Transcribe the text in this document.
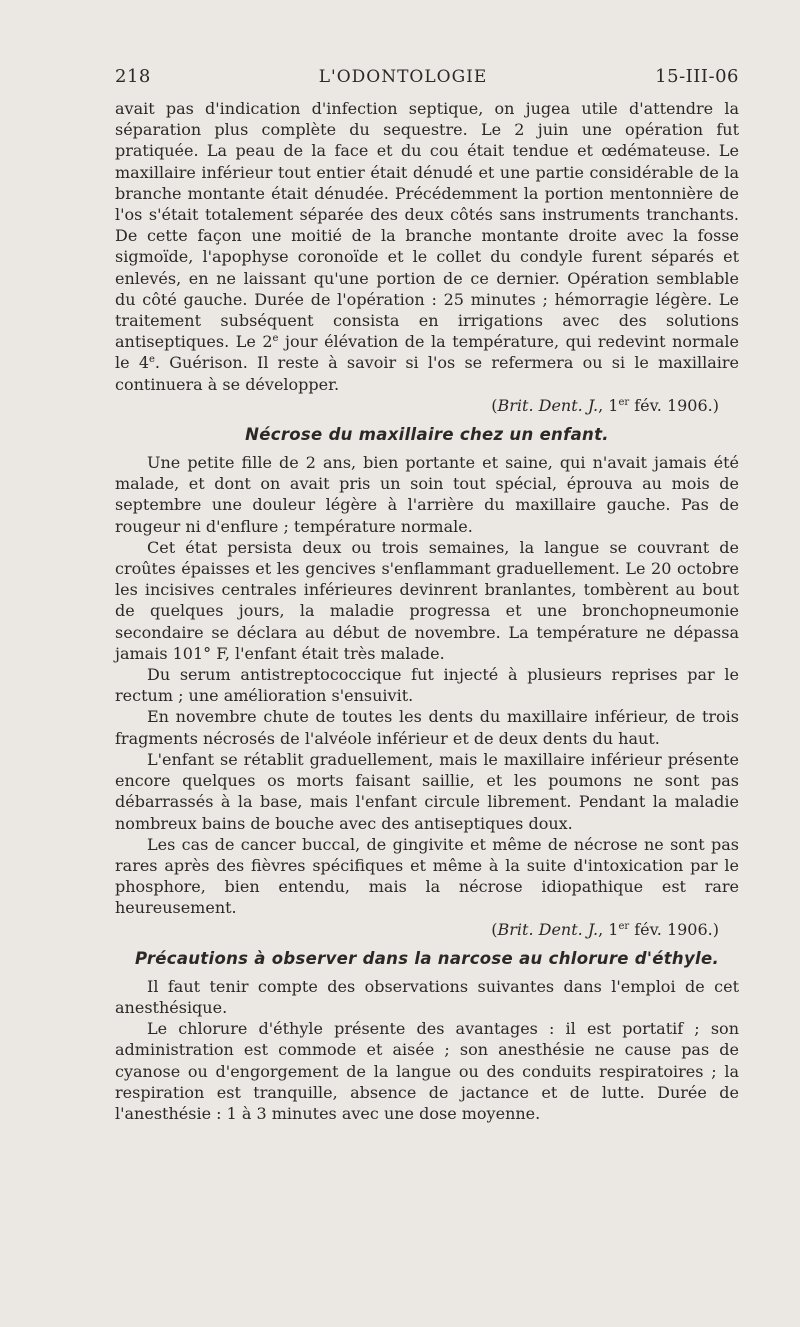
218	L'ODONTOLOGIE	15-III-06

avait pas d'indication d'infection septique, on jugea utile d'attendre la séparation plus complète du sequestre. Le 2 juin une opération fut pratiquée. La peau de la face et du cou était tendue et œdémateuse. Le maxillaire inférieur tout entier était dénudé et une partie considérable de la branche montante était dénudée. Précédemment la portion mentonnière de l'os s'était totalement séparée des deux côtés sans instruments tranchants. De cette façon une moitié de la branche montante droite avec la fosse sigmoïde, l'apophyse coronoïde et le collet du condyle furent séparés et enlevés, en ne laissant qu'une portion de ce dernier. Opération semblable du côté gauche. Durée de l'opération : 25 minutes ; hémorragie légère. Le traitement subséquent consista en irrigations avec des solutions antiseptiques. Le 2e jour élévation de la température, qui redevint normale le 4e. Guérison. Il reste à savoir si l'os se refermera ou si le maxillaire continuera à se développer.

(Brit. Dent. J., 1er fév. 1906.)
Nécrose du maxillaire chez un enfant.

Une petite fille de 2 ans, bien portante et saine, qui n'avait jamais été malade, et dont on avait pris un soin tout spécial, éprouva au mois de septembre une douleur légère à l'arrière du maxillaire gauche. Pas de rougeur ni d'enflure ; température normale.

Cet état persista deux ou trois semaines, la langue se couvrant de croûtes épaisses et les gencives s'enflammant graduellement. Le 20 octobre les incisives centrales inférieures devinrent branlantes, tombèrent au bout de quelques jours, la maladie progressa et une bronchopneumonie secondaire se déclara au début de novembre. La température ne dépassa jamais 101° F, l'enfant était très malade.

Du serum antistreptococcique fut injecté à plusieurs reprises par le rectum ; une amélioration s'ensuivit.

En novembre chute de toutes les dents du maxillaire inférieur, de trois fragments nécrosés de l'alvéole inférieur et de deux dents du haut.

L'enfant se rétablit graduellement, mais le maxillaire inférieur présente encore quelques os morts faisant saillie, et les poumons ne sont pas débarrassés à la base, mais l'enfant circule librement. Pendant la maladie nombreux bains de bouche avec des antiseptiques doux.

Les cas de cancer buccal, de gingivite et même de nécrose ne sont pas rares après des fièvres spécifiques et même à la suite d'intoxication par le phosphore, bien entendu, mais la nécrose idiopathique est rare heureusement.

(Brit. Dent. J., 1er fév. 1906.)
Précautions à observer dans la narcose au chlorure d'éthyle.

Il faut tenir compte des observations suivantes dans l'emploi de cet anesthésique.

Le chlorure d'éthyle présente des avantages : il est portatif ; son administration est commode et aisée ; son anesthésie ne cause pas de cyanose ou d'engorgement de la langue ou des conduits respiratoires ; la respiration est tranquille, absence de jactance et de lutte. Durée de l'anesthésie : 1 à 3 minutes avec une dose moyenne.
